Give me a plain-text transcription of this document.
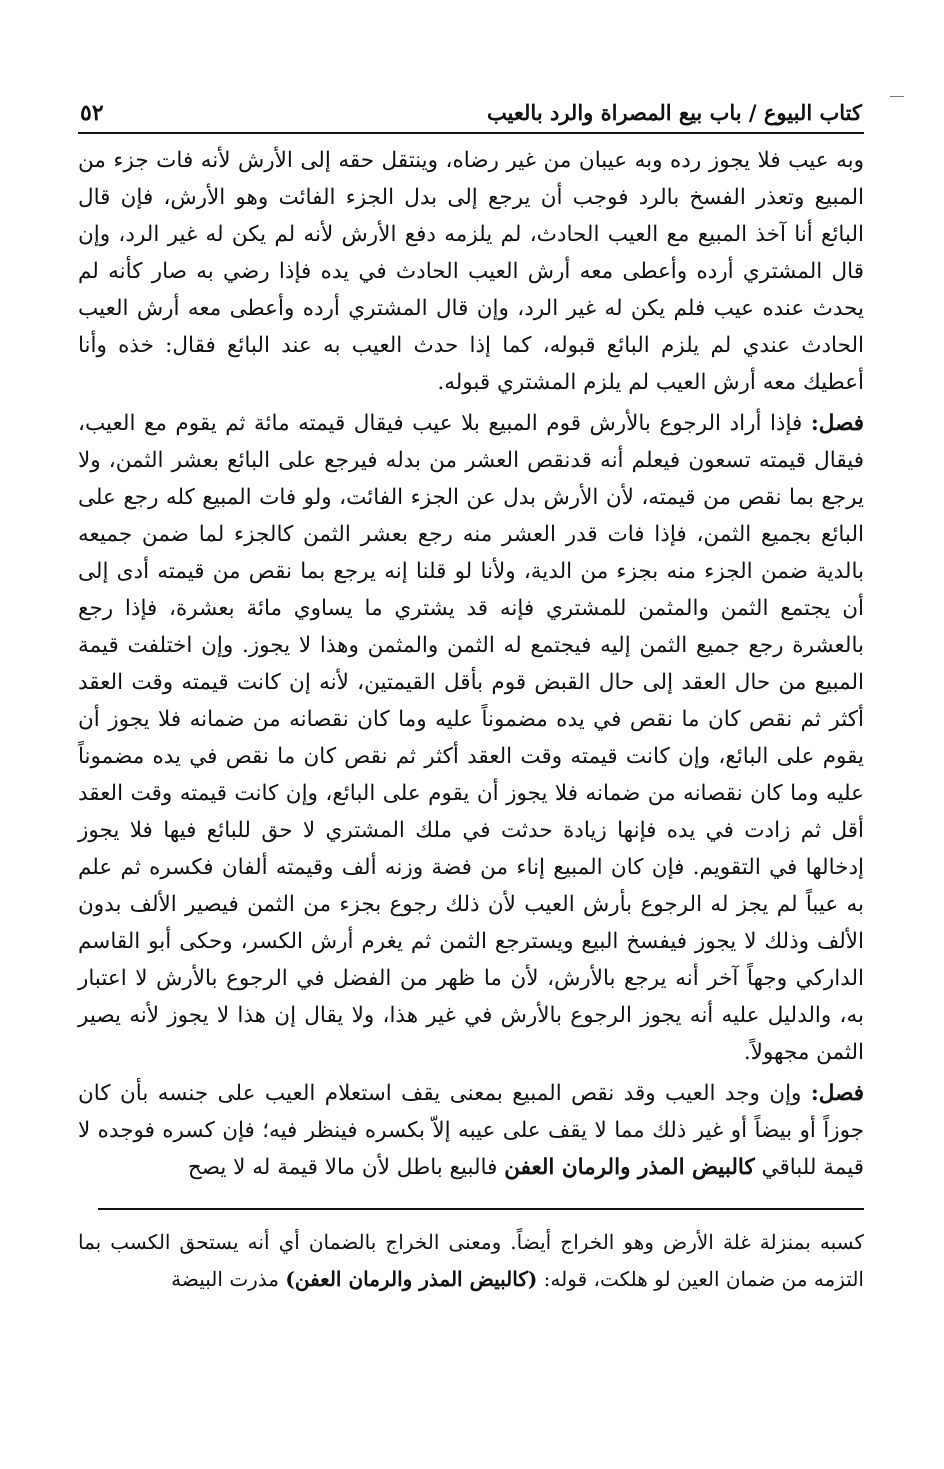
كتاب البيوع / باب بيع المصراة والرد بالعيب
٥٢

وبه عيب فلا يجوز رده وبه عيبان من غير رضاه، وينتقل حقه إلى الأرش لأنه فات جزء من المبيع وتعذر الفسخ بالرد فوجب أن يرجع إلى بدل الجزء الفائت وهو الأرش، فإن قال البائع أنا آخذ المبيع مع العيب الحادث، لم يلزمه دفع الأرش لأنه لم يكن له غير الرد، وإن قال المشتري أرده وأعطى معه أرش العيب الحادث في يده فإذا رضي به صار كأنه لم يحدث عنده عيب فلم يكن له غير الرد، وإن قال المشتري أرده وأعطى معه أرش العيب الحادث عندي لم يلزم البائع قبوله، كما إذا حدث العيب به عند البائع فقال: خذه وأنا أعطيك معه أرش العيب لم يلزم المشتري قبوله.

فصل: فإذا أراد الرجوع بالأرش قوم المبيع بلا عيب فيقال قيمته مائة ثم يقوم مع العيب، فيقال قيمته تسعون فيعلم أنه قدنقص العشر من بدله فيرجع على البائع بعشر الثمن، ولا يرجع بما نقص من قيمته، لأن الأرش بدل عن الجزء الفائت، ولو فات المبيع كله رجع على البائع بجميع الثمن، فإذا فات قدر العشر منه رجع بعشر الثمن كالجزء لما ضمن جميعه بالدية ضمن الجزء منه بجزء من الدية، ولأنا لو قلنا إنه يرجع بما نقص من قيمته أدى إلى أن يجتمع الثمن والمثمن للمشتري فإنه قد يشتري ما يساوي مائة بعشرة، فإذا رجع بالعشرة رجع جميع الثمن إليه فيجتمع له الثمن والمثمن وهذا لا يجوز. وإن اختلفت قيمة المبيع من حال العقد إلى حال القبض قوم بأقل القيمتين، لأنه إن كانت قيمته وقت العقد أكثر ثم نقص كان ما نقص في يده مضموناً عليه وما كان نقصانه من ضمانه فلا يجوز أن يقوم على البائع، وإن كانت قيمته وقت العقد أكثر ثم نقص كان ما نقص في يده مضموناً عليه وما كان نقصانه من ضمانه فلا يجوز أن يقوم على البائع، وإن كانت قيمته وقت العقد أقل ثم زادت في يده فإنها زيادة حدثت في ملك المشتري لا حق للبائع فيها فلا يجوز إدخالها في التقويم. فإن كان المبيع إناء من فضة وزنه ألف وقيمته ألفان فكسره ثم علم به عيباً لم يجز له الرجوع بأرش العيب لأن ذلك رجوع بجزء من الثمن فيصير الألف بدون الألف وذلك لا يجوز فيفسخ البيع ويسترجع الثمن ثم يغرم أرش الكسر، وحكى أبو القاسم الداركي وجهاً آخر أنه يرجع بالأرش، لأن ما ظهر من الفضل في الرجوع بالأرش لا اعتبار به، والدليل عليه أنه يجوز الرجوع بالأرش في غير هذا، ولا يقال إن هذا لا يجوز لأنه يصير الثمن مجهولاً.

فصل: وإن وجد العيب وقد نقص المبيع بمعنى يقف استعلام العيب على جنسه بأن كان جوزاً أو بيضاً أو غير ذلك مما لا يقف على عيبه إلاّ بكسره فينظر فيه؛ فإن كسره فوجده لا قيمة للباقي كالبيض المذر والرمان العفن فالبيع باطل لأن مالا قيمة له لا يصح

كسبه بمنزلة غلة الأرض وهو الخراج أيضاً. ومعنى الخراج بالضمان أي أنه يستحق الكسب بما التزمه من ضمان العين لو هلكت، قوله: (كالبيض المذر والرمان العفن) مذرت البيضة
